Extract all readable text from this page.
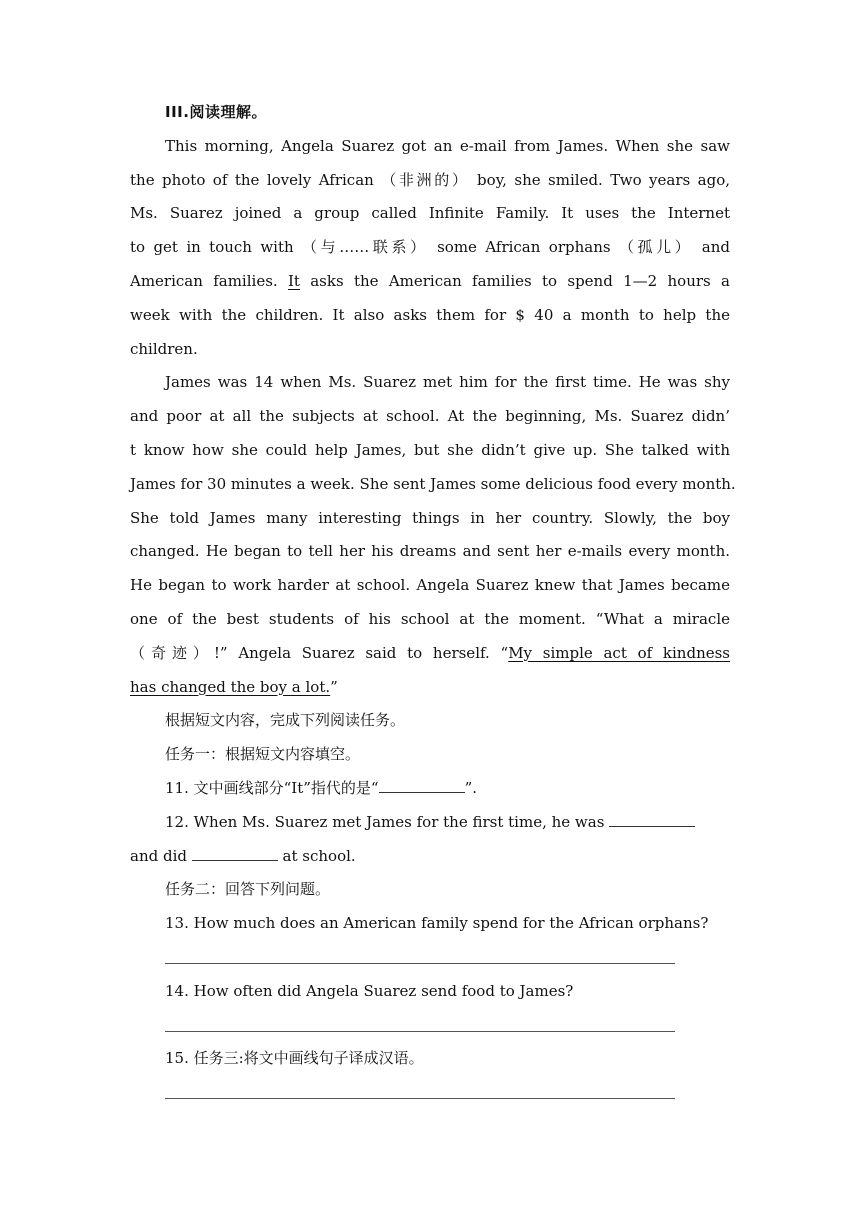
III.阅读理解。
This morning, Angela Suarez got an e-mail from James. When she saw
the photo of the lovely African （非洲的） boy, she smiled. Two years ago,
Ms. Suarez joined a group called Infinite Family. It uses the Internet
to get in touch with （与……联系） some African orphans （孤儿） and
American families. It asks the American families to spend 1—2 hours a
week with the children. It also asks them for $ 40 a month to help the
children.
James was 14 when Ms. Suarez met him for the first time. He was shy
and poor at all the subjects at school. At the beginning, Ms. Suarez didn’
t know how she could help James, but she didn’t give up. She talked with
James for 30 minutes a week. She sent James some delicious food every month.
She told James many interesting things in her country. Slowly, the boy
changed. He began to tell her his dreams and sent her e-mails every month.
He began to work harder at school. Angela Suarez knew that James became
one of the best students of his school at the moment. “What a miracle
（奇迹）!” Angela Suarez said to herself. “My simple act of kindness
has changed the boy a lot.”
根据短文内容，完成下列阅读任务。
任务一：根据短文内容填空。
11. 文中画线部分“It”指代的是“	”.
12. When Ms. Suarez met James for the first time, he was
and did	at school.
任务二：回答下列问题。
13. How much does an American family spend for the African orphans?
14. How often did Angela Suarez send food to James?
15. 任务三:将文中画线句子译成汉语。
